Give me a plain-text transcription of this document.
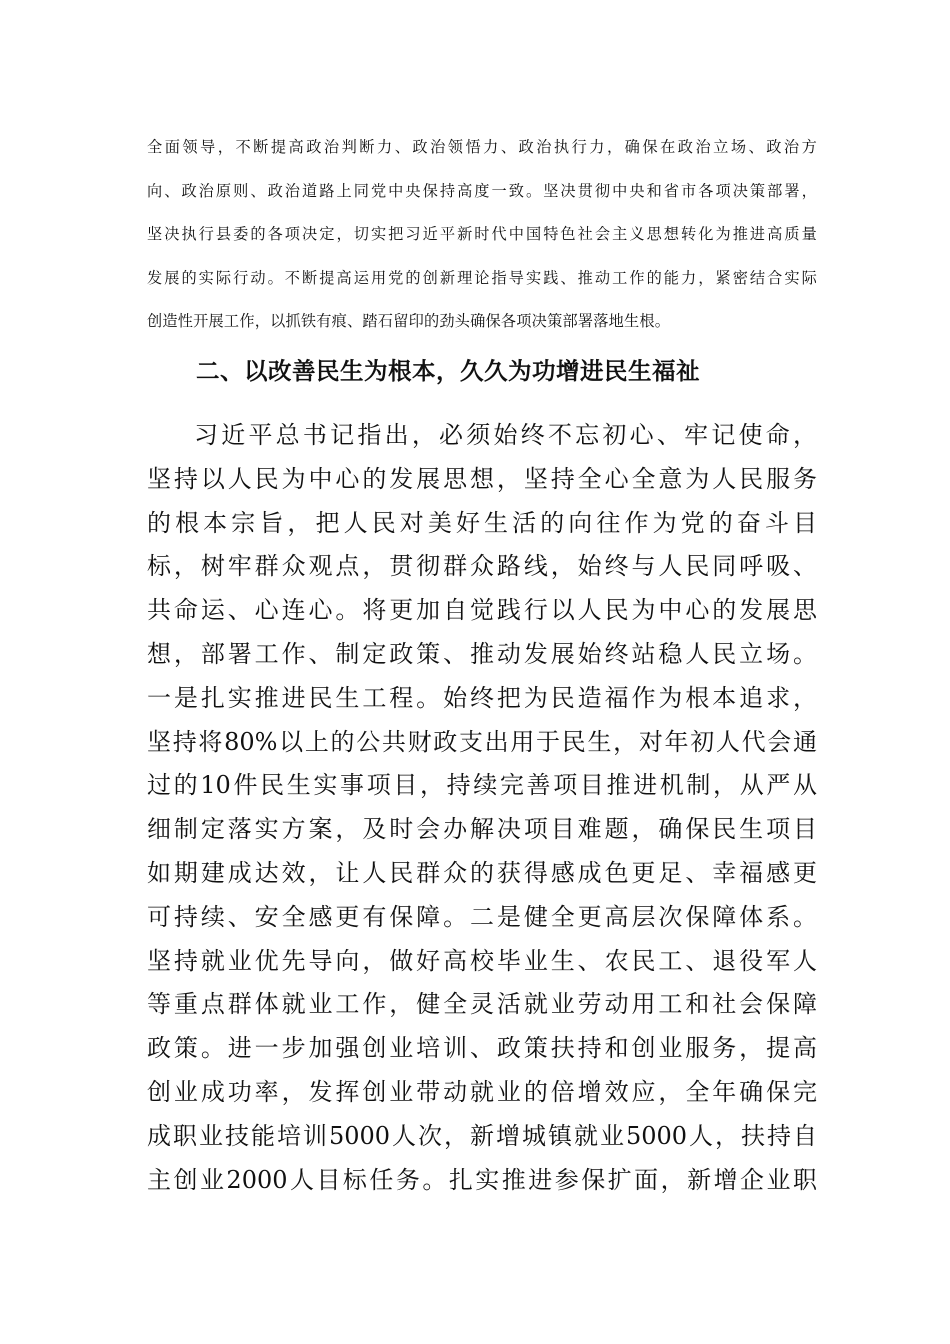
全面领导，不断提高政治判断力、政治领悟力、政治执行力，确保在政治立场、政治方
向、政治原则、政治道路上同党中央保持高度一致。坚决贯彻中央和省市各项决策部署，
坚决执行县委的各项决定，切实把习近平新时代中国特色社会主义思想转化为推进高质量
发展的实际行动。不断提高运用党的创新理论指导实践、推动工作的能力，紧密结合实际
创造性开展工作，以抓铁有痕、踏石留印的劲头确保各项决策部署落地生根。
二、以改善民生为根本，久久为功增进民生福祉
习近平总书记指出，必须始终不忘初心、牢记使命，
坚持以人民为中心的发展思想，坚持全心全意为人民服务
的根本宗旨，把人民对美好生活的向往作为党的奋斗目
标，树牢群众观点，贯彻群众路线，始终与人民同呼吸、
共命运、心连心。将更加自觉践行以人民为中心的发展思
想，部署工作、制定政策、推动发展始终站稳人民立场。
一是扎实推进民生工程。始终把为民造福作为根本追求，
坚持将80%以上的公共财政支出用于民生，对年初人代会通
过的10件民生实事项目，持续完善项目推进机制，从严从
细制定落实方案，及时会办解决项目难题，确保民生项目
如期建成达效，让人民群众的获得感成色更足、幸福感更
可持续、安全感更有保障。二是健全更高层次保障体系。
坚持就业优先导向，做好高校毕业生、农民工、退役军人
等重点群体就业工作，健全灵活就业劳动用工和社会保障
政策。进一步加强创业培训、政策扶持和创业服务，提高
创业成功率，发挥创业带动就业的倍增效应，全年确保完
成职业技能培训5000人次，新增城镇就业5000人，扶持自
主创业2000人目标任务。扎实推进参保扩面，新增企业职
